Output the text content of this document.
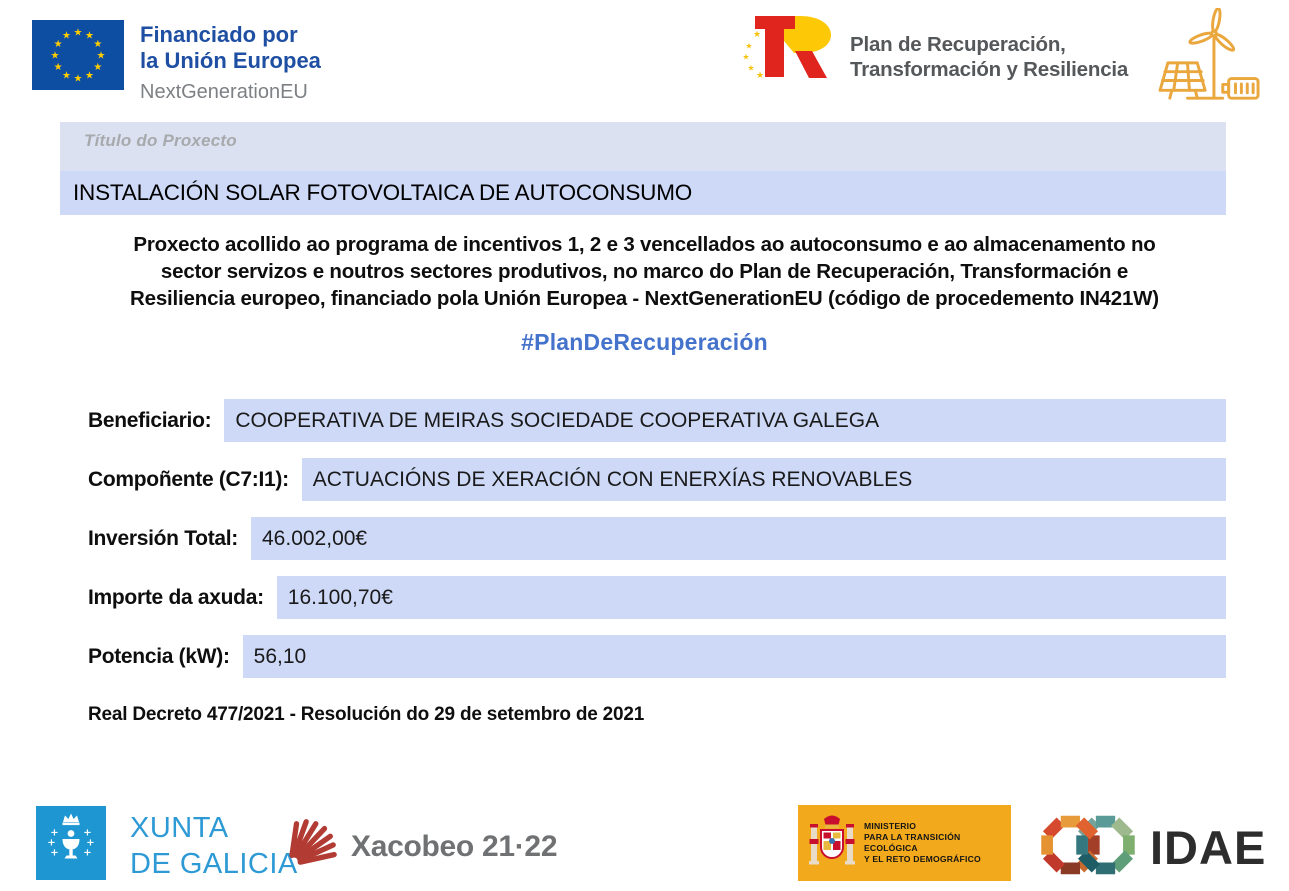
★ ★
★
★
★
★
★
★
★
★
★
★	Financiado por
la Unión Europea
NextGenerationEU
★
★
★
★
★
Plan de Recuperación,
Transformación y Resiliencia
Título do Proxecto
INSTALACIÓN SOLAR FOTOVOLTAICA DE AUTOCONSUMO
Proxecto acollido ao programa de incentivos 1, 2 e 3 vencellados ao autoconsumo e ao almacenamento no
sector servizos e noutros sectores produtivos, no marco do Plan de Recuperación, Transformación e
Resiliencia europeo, financiado pola Unión Europea - NextGenerationEU (código de procedemento IN421W)
#PlanDeRecuperación
Beneficiario: COOPERATIVA DE MEIRAS SOCIEDADE COOPERATIVA GALEGA
Compoñente (C7:I1): ACTUACIÓNS DE XERACIÓN CON ENERXÍAS RENOVABLES
Inversión Total: 46.002,00€
Importe da axuda: 16.100,70€
Potencia (kW): 56,10
Real Decreto 477/2021 - Resolución do 29 de setembro de 2021
+
+
+
+
+
+
XUNTA
DE GALICIA
Xacobeo 21·22
MINISTERIO
PARA LA TRANSICIÓN ECOLÓGICA
Y EL RETO DEMOGRÁFICO	IDAE
